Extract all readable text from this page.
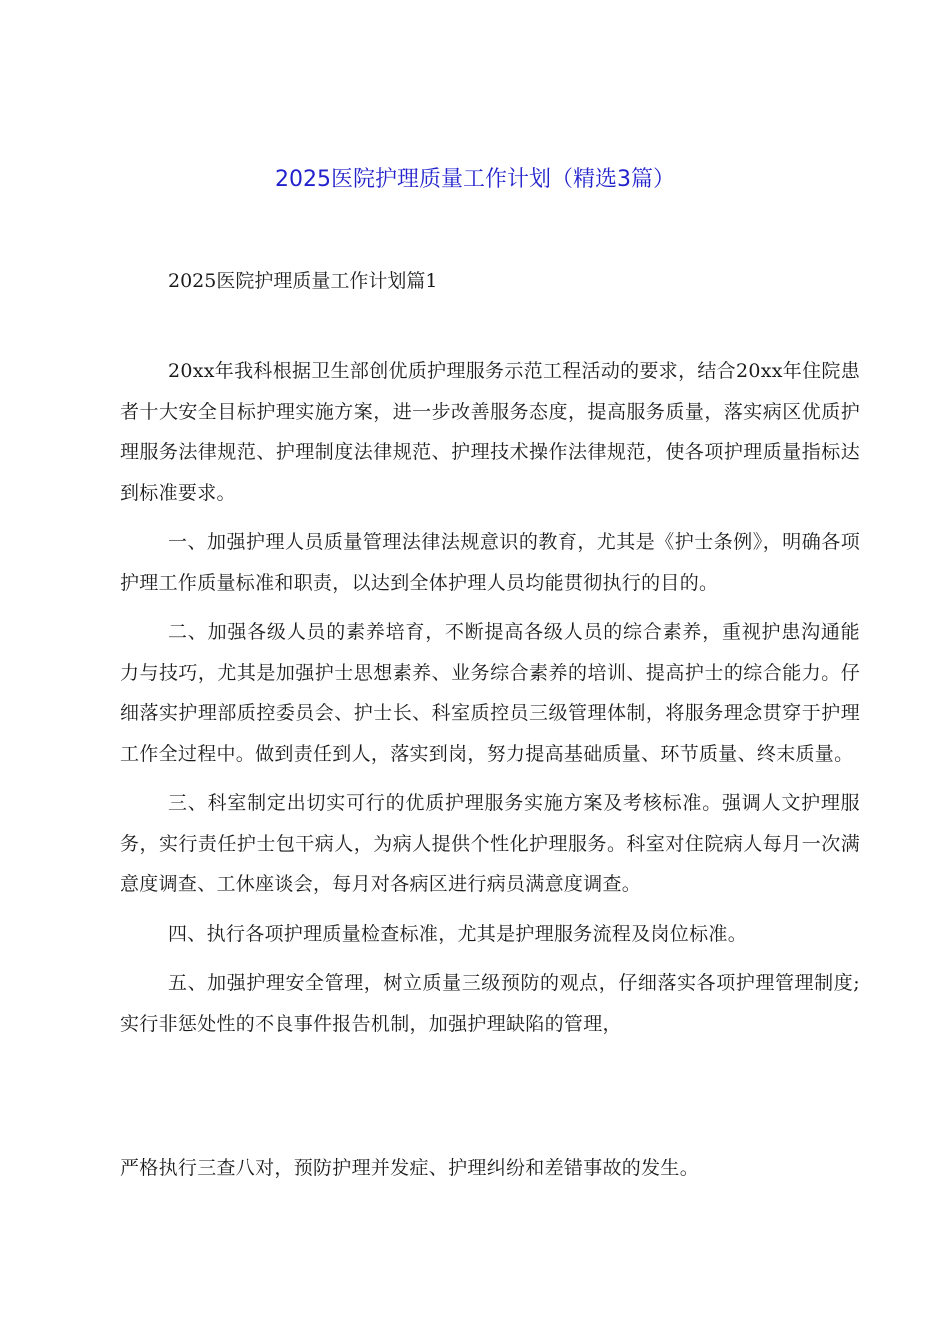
2025医院护理质量工作计划（精选3篇）
2025医院护理质量工作计划篇1

20xx年我科根据卫生部创优质护理服务示范工程活动的要求，结合20xx年住院患者十大安全目标护理实施方案，进一步改善服务态度，提高服务质量，落实病区优质护理服务法律规范、护理制度法律规范、护理技术操作法律规范，使各项护理质量指标达到标准要求。

一、加强护理人员质量管理法律法规意识的教育，尤其是《护士条例》，明确各项护理工作质量标准和职责，以达到全体护理人员均能贯彻执行的目的。

二、加强各级人员的素养培育，不断提高各级人员的综合素养，重视护患沟通能力与技巧，尤其是加强护士思想素养、业务综合素养的培训、提高护士的综合能力。仔细落实护理部质控委员会、护士长、科室质控员三级管理体制，将服务理念贯穿于护理工作全过程中。做到责任到人，落实到岗，努力提高基础质量、环节质量、终末质量。

三、科室制定出切实可行的优质护理服务实施方案及考核标准。强调人文护理服务，实行责任护士包干病人，为病人提供个性化护理服务。科室对住院病人每月一次满意度调查、工休座谈会，每月对各病区进行病员满意度调查。

四、执行各项护理质量检查标准，尤其是护理服务流程及岗位标准。

五、加强护理安全管理，树立质量三级预防的观点，仔细落实各项护理管理制度;实行非惩处性的不良事件报告机制，加强护理缺陷的管理，

严格执行三查八对，预防护理并发症、护理纠纷和差错事故的发生。
